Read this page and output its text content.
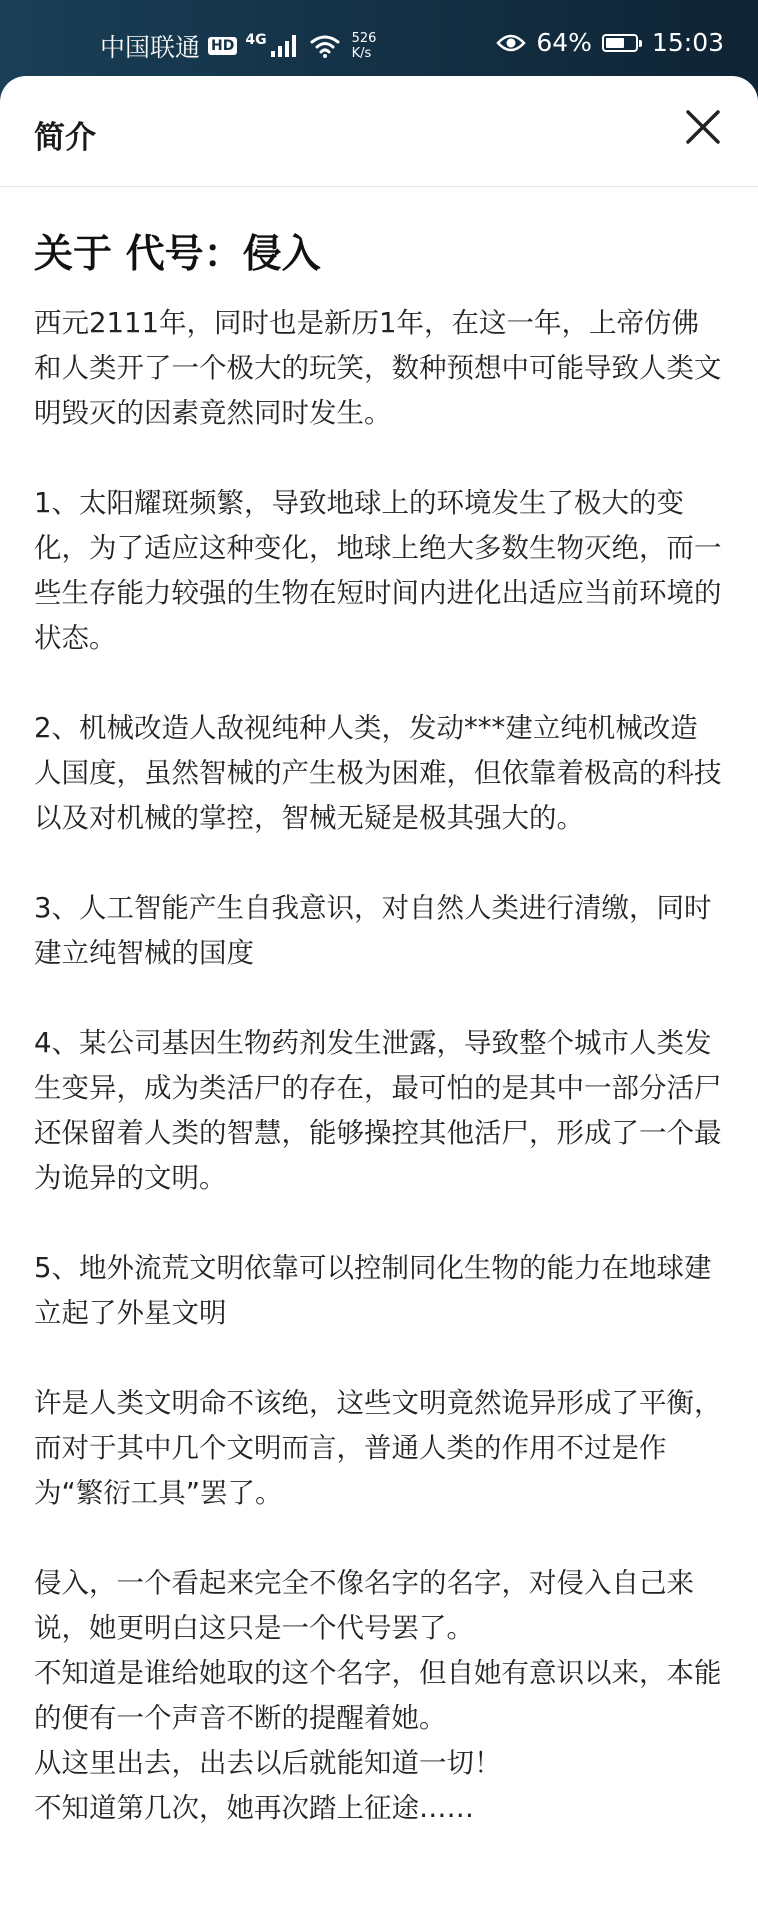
中国联通 HD 4G	526
K/s	64% 15:03
简介
关于 代号：侵入

西元2111年，同时也是新历1年，在这一年，上帝仿佛和人类开了一个极大的玩笑，数种预想中可能导致人类文明毁灭的因素竟然同时发生。

1、太阳耀斑频繁，导致地球上的环境发生了极大的变化，为了适应这种变化，地球上绝大多数生物灭绝，而一些生存能力较强的生物在短时间内进化出适应当前环境的状态。

2、机械改造人敌视纯种人类，发动***建立纯机械改造人国度，虽然智械的产生极为困难，但依靠着极高的科技以及对机械的掌控，智械无疑是极其强大的。

3、人工智能产生自我意识，对自然人类进行清缴，同时建立纯智械的国度

4、某公司基因生物药剂发生泄露，导致整个城市人类发生变异，成为类活尸的存在，最可怕的是其中一部分活尸还保留着人类的智慧，能够操控其他活尸，形成了一个最为诡异的文明。

5、地外流荒文明依靠可以控制同化生物的能力在地球建立起了外星文明

许是人类文明命不该绝，这些文明竟然诡异形成了平衡，而对于其中几个文明而言，普通人类的作用不过是作为“繁衍工具”罢了。

侵入，一个看起来完全不像名字的名字，对侵入自己来说，她更明白这只是一个代号罢了。

不知道是谁给她取的这个名字，但自她有意识以来，本能的便有一个声音不断的提醒着她。

从这里出去，出去以后就能知道一切！

不知道第几次，她再次踏上征途……
